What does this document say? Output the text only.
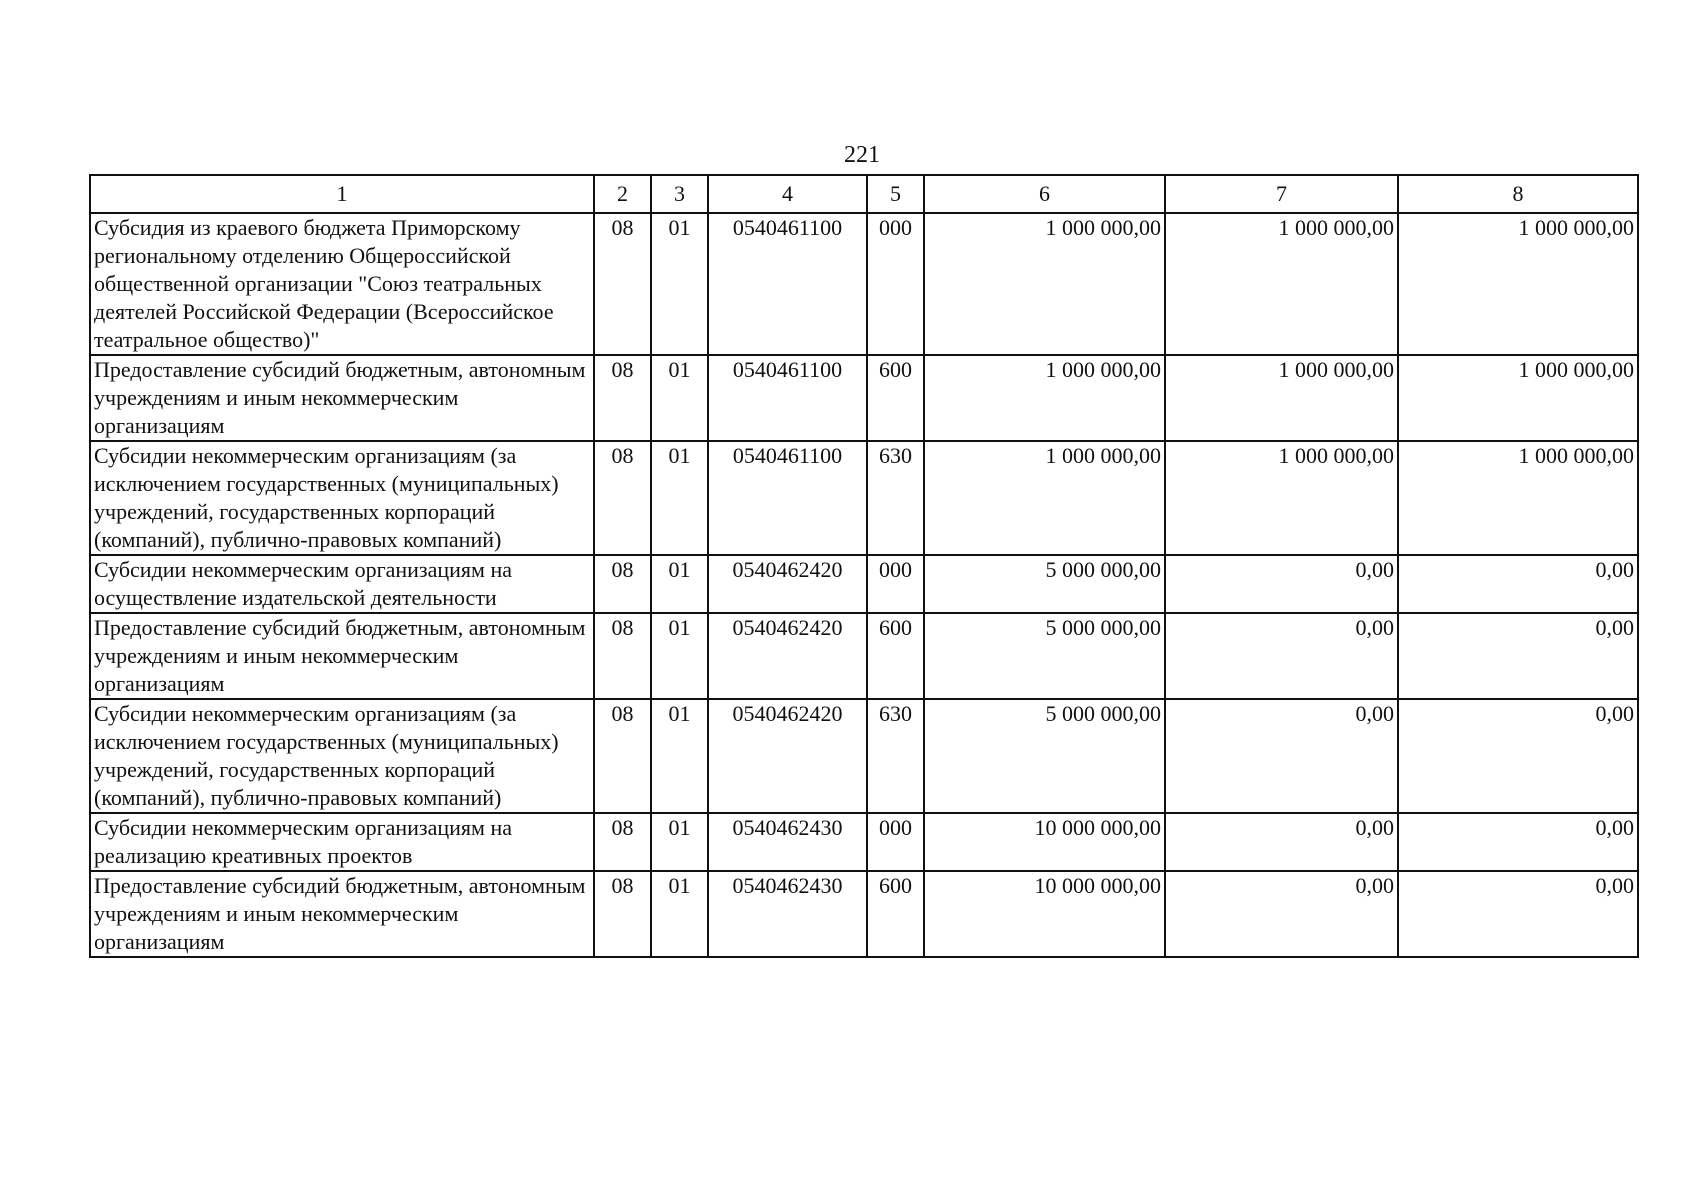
221
1	2	3	4	5	6	7	8
Субсидия из краевого бюджета Приморскому региональному отделению Общероссийской общественной организации "Союз театральных деятелей Российской Федерации (Всероссийское театральное общество)"	08	01	0540461100	000	1 000 000,00	1 000 000,00	1 000 000,00
Предоставление субсидий бюджетным, автономным учреждениям и иным некоммерческим организациям	08	01	0540461100	600	1 000 000,00	1 000 000,00	1 000 000,00
Субсидии некоммерческим организациям (за исключением государственных (муниципальных) учреждений, государственных корпораций (компаний), публично-правовых компаний)	08	01	0540461100	630	1 000 000,00	1 000 000,00	1 000 000,00
Субсидии некоммерческим организациям на осуществление издательской деятельности	08	01	0540462420	000	5 000 000,00	0,00	0,00
Предоставление субсидий бюджетным, автономным учреждениям и иным некоммерческим организациям	08	01	0540462420	600	5 000 000,00	0,00	0,00
Субсидии некоммерческим организациям (за исключением государственных (муниципальных) учреждений, государственных корпораций (компаний), публично-правовых компаний)	08	01	0540462420	630	5 000 000,00	0,00	0,00
Субсидии некоммерческим организациям на реализацию креативных проектов	08	01	0540462430	000	10 000 000,00	0,00	0,00
Предоставление субсидий бюджетным, автономным учреждениям и иным некоммерческим организациям	08	01	0540462430	600	10 000 000,00	0,00	0,00
